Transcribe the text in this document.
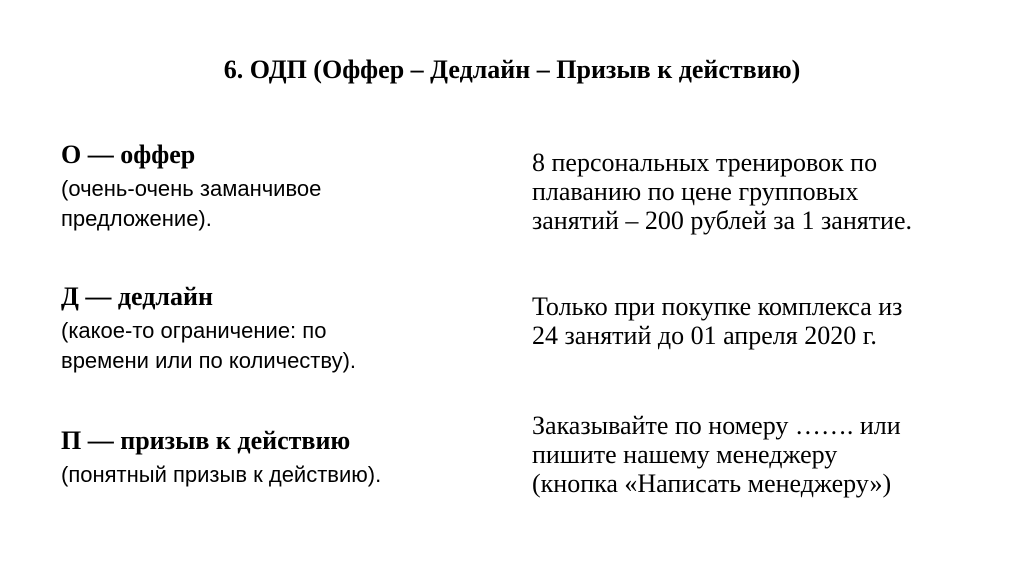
6. ОДП (Оффер – Дедлайн – Призыв к действию)
О — оффер
(очень-очень заманчивое
предложение).
Д — дедлайн
(какое-то ограничение: по
времени или по количеству).
П — призыв к действию
(понятный призыв к действию).
8 персональных тренировок по
плаванию по цене групповых
занятий – 200 рублей за 1 занятие.
Только при покупке комплекса из
24 занятий до 01 апреля 2020 г.
Заказывайте по номеру ……. или
пишите нашему менеджеру
(кнопка «Написать менеджеру»)
